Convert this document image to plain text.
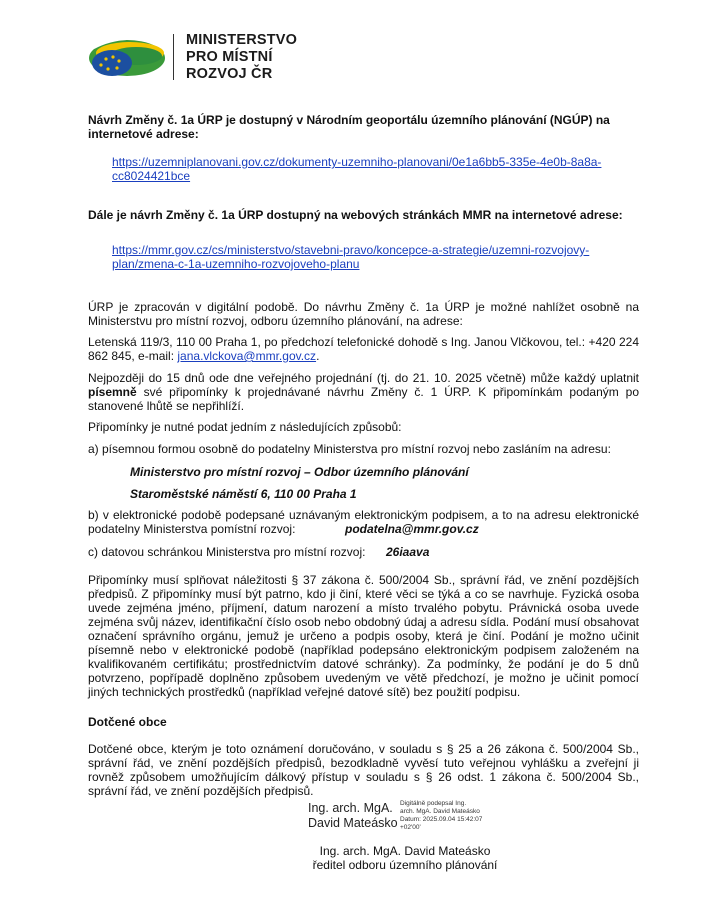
MINISTERSTVO
PRO MÍSTNÍ
ROZVOJ ČR
Návrh Změny č. 1a ÚRP je dostupný v Národním geoportálu územního plánování (NGÚP) na internetové adrese:
https://uzemniplanovani.gov.cz/dokumenty-uzemniho-planovani/0e1a6bb5-335e-4e0b-8a8a-
cc8024421bce
Dále je návrh Změny č. 1a ÚRP dostupný na webových stránkách MMR na internetové adrese:
https://mmr.gov.cz/cs/ministerstvo/stavebni-pravo/koncepce-a-strategie/uzemni-rozvojovy-
plan/zmena-c-1a-uzemniho-rozvojoveho-planu
ÚRP je zpracován v digitální podobě. Do návrhu Změny č. 1a ÚRP je možné nahlížet osobně na Ministerstvu pro místní rozvoj, odboru územního plánování, na adrese:
Letenská 119/3, 110 00 Praha 1, po předchozí telefonické dohodě s Ing. Janou Vlčkovou, tel.: +420 224 862 845, e-mail: jana.vlckova@mmr.gov.cz.
Nejpozději do 15 dnů ode dne veřejného projednání (tj. do 21. 10. 2025 včetně) může každý uplatnit písemně své připomínky k projednávané návrhu Změny č. 1 ÚRP. K připomínkám podaným po stanovené lhůtě se nepřihlíží.
Připomínky je nutné podat jedním z následujících způsobů:
a) písemnou formou osobně do podatelny Ministerstva pro místní rozvoj nebo zasláním na adresu:
Ministerstvo pro místní rozvoj – Odbor územního plánování
Staroměstské náměstí 6, 110 00 Praha 1
b) v elektronické podobě podepsané uznávaným elektronickým podpisem, a to na adresu elektronické podatelny Ministerstva pomístní rozvoj:	podatelna@mmr.gov.cz
c) datovou schránkou Ministerstva pro místní rozvoj: 26iaava
Připomínky musí splňovat náležitosti § 37 zákona č. 500/2004 Sb., správní řád, ve znění pozdějších předpisů. Z připomínky musí být patrno, kdo ji činí, které věci se týká a co se navrhuje. Fyzická osoba uvede zejména jméno, příjmení, datum narození a místo trvalého pobytu. Právnická osoba uvede zejména svůj název, identifikační číslo osob nebo obdobný údaj a adresu sídla. Podání musí obsahovat označení správního orgánu, jemuž je určeno a podpis osoby, která je činí. Podání je možno učinit písemně nebo v elektronické podobě (například podepsáno elektronickým podpisem založeném na kvalifikovaném certifikátu; prostřednictvím datové schránky). Za podmínky, že podání je do 5 dnů potvrzeno, popřípadě doplněno způsobem uvedeným ve větě předchozí, je možno je učinit pomocí jiných technických prostředků (například veřejné datové sítě) bez použití podpisu.
Dotčené obce
Dotčené obce, kterým je toto oznámení doručováno, v souladu s § 25 a 26 zákona č. 500/2004 Sb., správní řád, ve znění pozdějších předpisů, bezodkladně vyvěsí tuto veřejnou vyhlášku a zveřejní ji rovněž způsobem umožňujícím dálkový přístup v souladu s § 26 odst. 1 zákona č. 500/2004 Sb., správní řád, ve znění pozdějších předpisů.
Ing. arch. MgA.
David Mateásko
Digitálně podepsal Ing.
arch. MgA. David Mateásko
Datum: 2025.09.04 15:42:07
+02'00'
Ing. arch. MgA. David Mateásko
ředitel odboru územního plánování
